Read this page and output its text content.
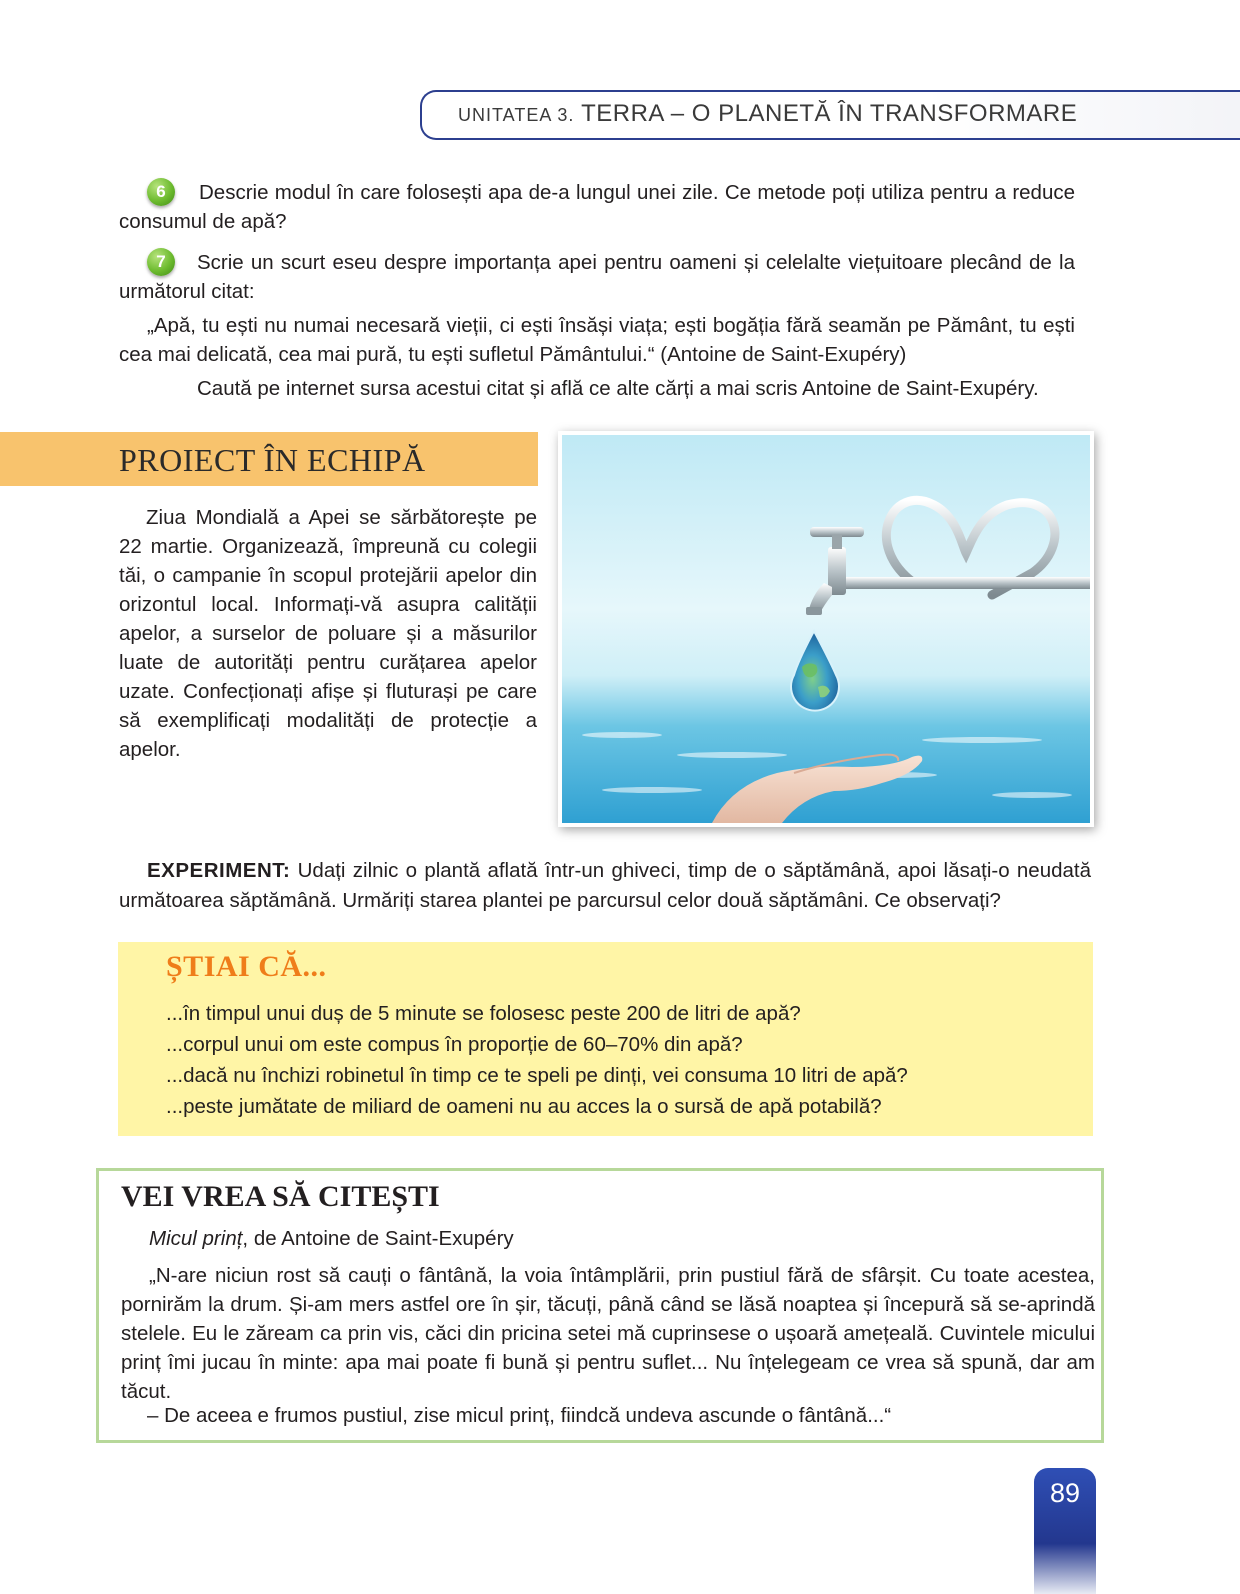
UNITATEA 3. TERRA – O PLANETĂ ÎN TRANSFORMARE
6	Descrie modul în care folosești apa de-a lungul unei zile. Ce metode poți utiliza pentru a reduce consumul de apă?

7	Scrie un scurt eseu despre importanța apei pentru oameni și celelalte viețuitoare plecând de la următorul citat:

„Apă, tu ești nu numai necesară vieții, ci ești însăși viața; ești bogăția fără seamăn pe Pământ, tu ești cea mai delicată, cea mai pură, tu ești sufletul Pământului.“ (Antoine de Saint-Exupéry)

Caută pe internet sursa acestui citat și află ce alte cărți a mai scris Antoine de Saint-Exupéry.

PROIECT ÎN ECHIPĂ

Ziua Mondială a Apei se sărbătorește pe 22 martie. Organizează, împreună cu colegii tăi, o campanie în scopul protejării apelor din orizontul local. Informați-vă asupra calității apelor, a surselor de poluare și a măsurilor luate de autorități pentru curățarea apelor uzate. Confecționați afișe și fluturași pe care să exemplificați modalități de protecție a apelor.

EXPERIMENT: Udați zilnic o plantă aflată într-un ghiveci, timp de o săptămână, apoi lăsați-o neudată următoarea săptămână. Urmăriți starea plantei pe parcursul celor două săptămâni. Ce observați?

ȘTIAI CĂ...
...în timpul unui duș de 5 minute se folosesc peste 200 de litri de apă?
...corpul unui om este compus în proporție de 60–70% din apă?
...dacă nu închizi robinetul în timp ce te speli pe dinți, vei consuma 10 litri de apă?
...peste jumătate de miliard de oameni nu au acces la o sursă de apă potabilă?
VEI VREA SĂ CITEȘTI
Micul prinț, de Antoine de Saint-Exupéry

„N-are niciun rost să cauți o fântână, la voia întâmplării, prin pustiul fără de sfârșit. Cu toate acestea, pornirăm la drum. Și-am mers astfel ore în șir, tăcuți, până când se lăsă noaptea și începură să se-aprindă stelele. Eu le zăream ca prin vis, căci din pricina setei mă cuprinsese o ușoară amețeală. Cuvintele micului prinț îmi jucau în minte: apa mai poate fi bună și pentru suflet... Nu înțelegeam ce vrea să spună, dar am tăcut.

– De aceea e frumos pustiul, zise micul prinț, fiindcă undeva ascunde o fântână...“
89
